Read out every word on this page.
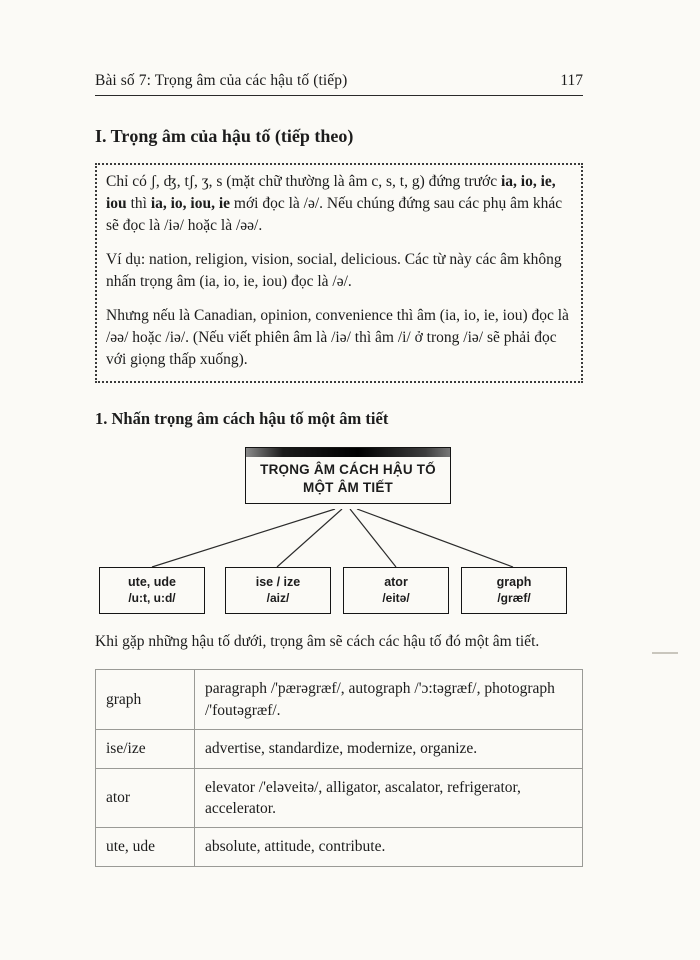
Bài số 7: Trọng âm của các hậu tố (tiếp)	117
I. Trọng âm của hậu tố (tiếp theo)

Chỉ có ʃ, ʤ, tʃ, ʒ, s (mặt chữ thường là âm c, s, t, g) đứng trước ia, io, ie, iou thì ia, io, iou, ie mới đọc là /ə/. Nếu chúng đứng sau các phụ âm khác sẽ đọc là /iə/ hoặc là /əə/.

Ví dụ: nation, religion, vision, social, delicious. Các từ này các âm không nhấn trọng âm (ia, io, ie, iou) đọc là /ə/.

Nhưng nếu là Canadian, opinion, convenience thì âm (ia, io, ie, iou) đọc là /əə/ hoặc /iə/. (Nếu viết phiên âm là /iə/ thì âm /i/ ở trong /iə/ sẽ phải đọc với giọng thấp xuống).

1. Nhấn trọng âm cách hậu tố một âm tiết
TRỌNG ÂM CÁCH HẬU TỐ
MỘT ÂM TIẾT
ute, ude
/u:t, u:d/
ise / ize
/aiz/
ator
/eitə/
graph
/græf/
Khi gặp những hậu tố dưới, trọng âm sẽ cách các hậu tố đó một âm tiết.
graph	paragraph /'pærəgræf/, autograph /'ɔ:təgræf/, photograph /'foutəgræf/.
ise/ize	advertise, standardize, modernize, organize.
ator	elevator /'eləveitə/, alligator, ascalator, refrigerator, accelerator.
ute, ude	absolute, attitude, contribute.
